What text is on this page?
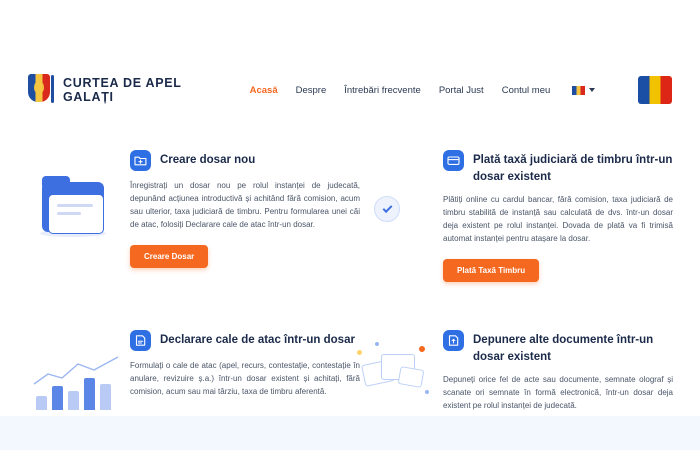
CURTEA DE APEL
GALAȚI	Acasă Despre Întrebări frecvente Portal Just Contul meu
Creare dosar nou
Înregistrați un dosar nou pe rolul instanței de judecată, depunând acțiunea introductivă și achitând fără comision, acum sau ulterior, taxa judiciară de timbru. Pentru formularea unei căi de atac, folosiți Declarare cale de atac într-un dosar.
Creare Dosar
Plată taxă judiciară de timbru într-un dosar existent
Plătiți online cu cardul bancar, fără comision, taxa judiciară de timbru stabilită de instanță sau calculată de dvs. într-un dosar deja existent pe rolul instanței. Dovada de plată va fi trimisă automat instanței pentru atașare la dosar.
Plată Taxă Timbru
Declarare cale de atac într-un dosar
Formulați o cale de atac (apel, recurs, contestație, contestație în anulare, revizuire ș.a.) într-un dosar existent și achitați, fără comision, acum sau mai târziu, taxa de timbru aferentă.
Depunere alte documente într-un dosar existent
Depuneți orice fel de acte sau documente, semnate olograf și scanate ori semnate în formă electronică, într-un dosar deja existent pe rolul instanței de judecată.
